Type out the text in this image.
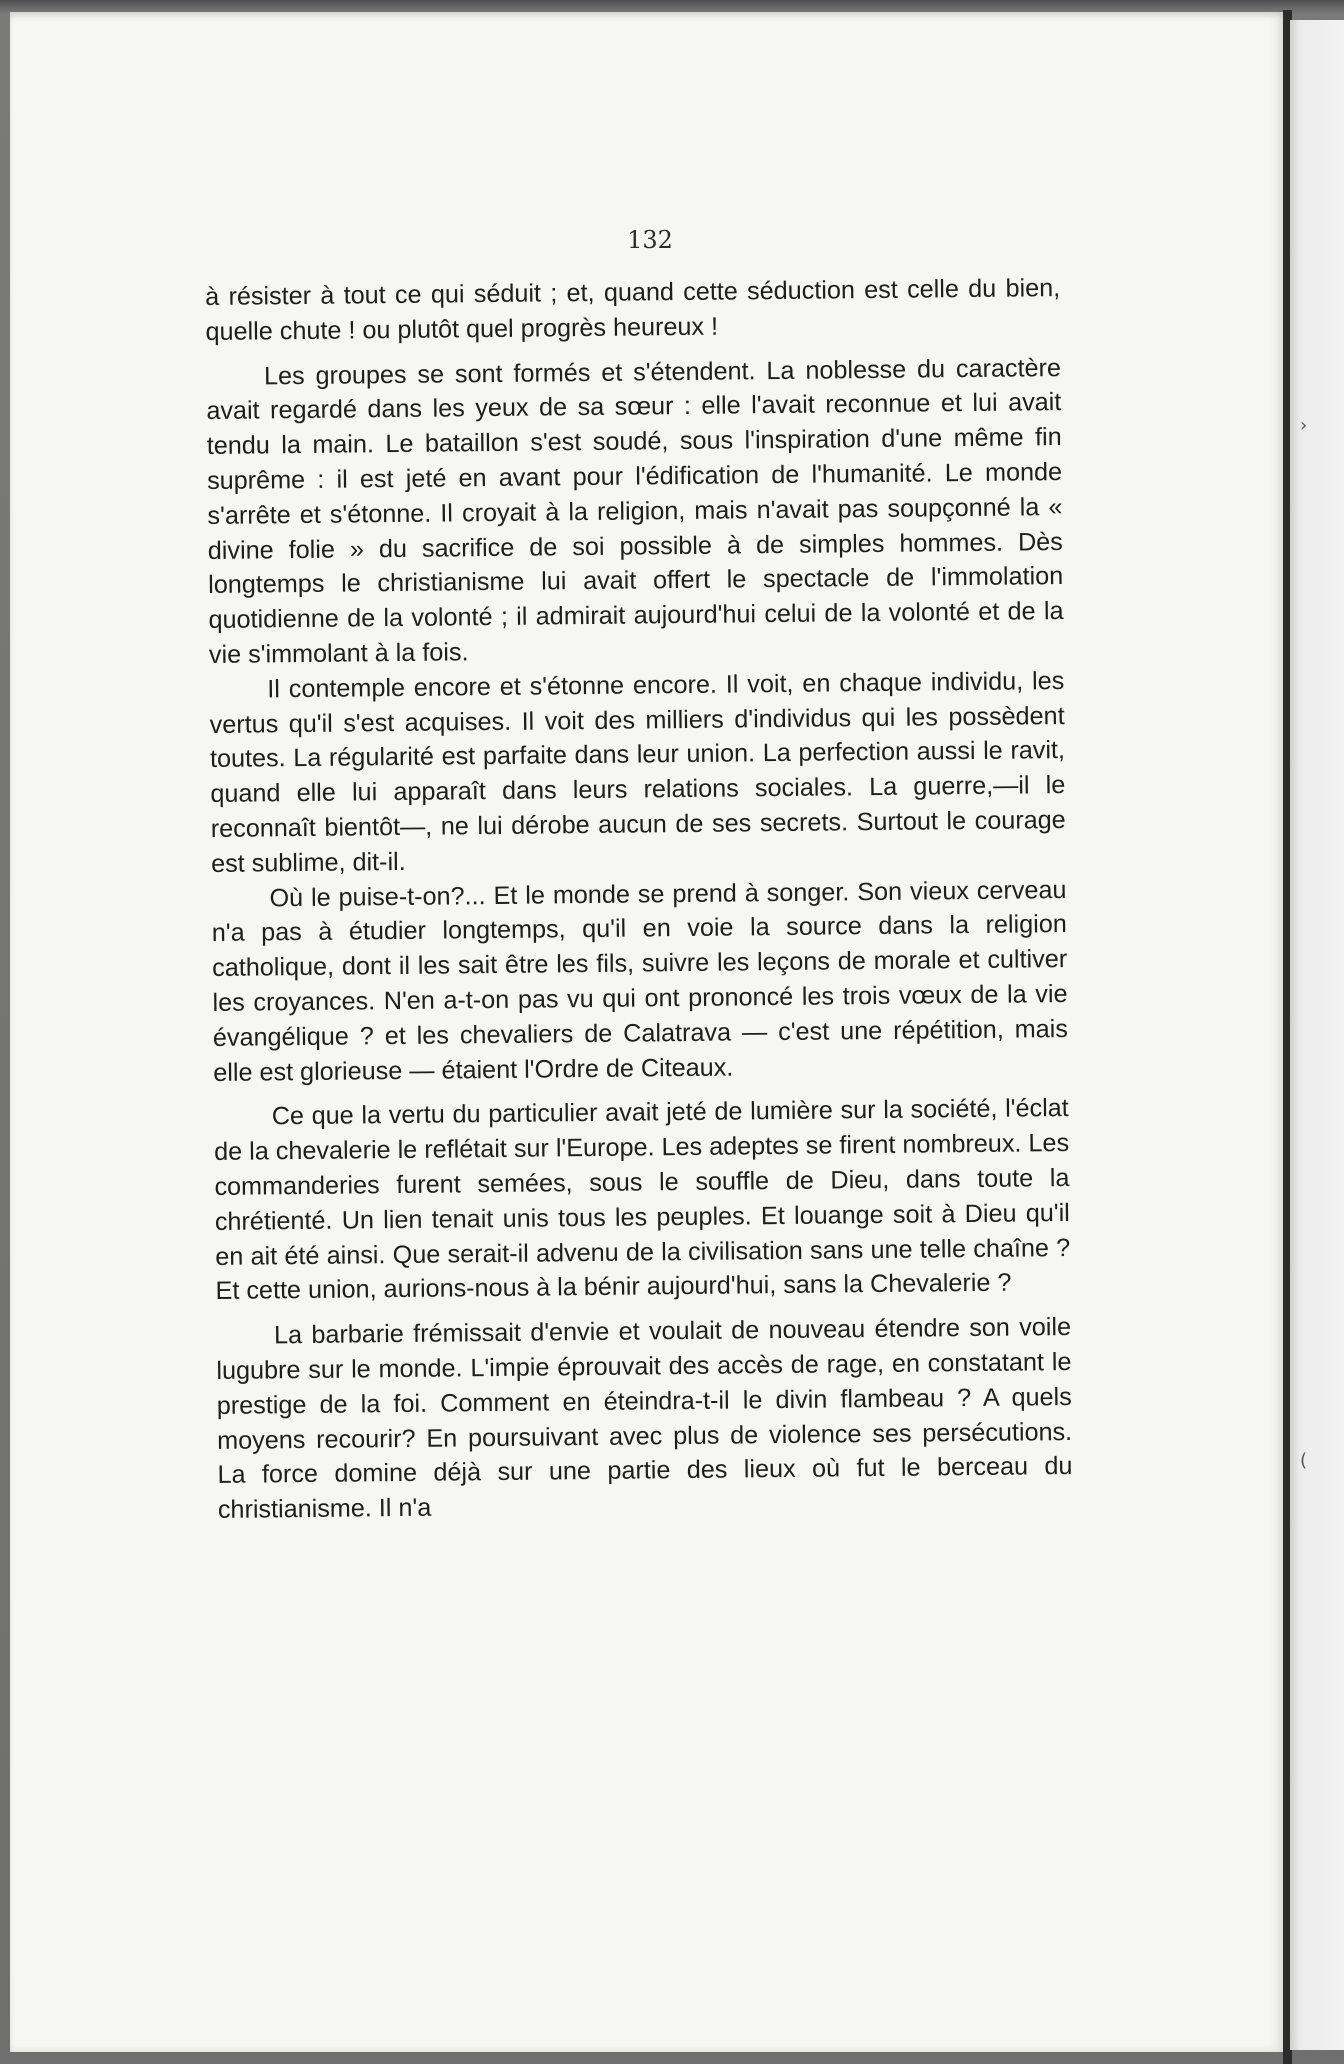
›
(
132

à résister à tout ce qui séduit ; et, quand cette séduction est celle du bien, quelle chute ! ou plutôt quel progrès heureux !

Les groupes se sont formés et s'étendent. La noblesse du caractère avait regardé dans les yeux de sa sœur : elle l'avait reconnue et lui avait tendu la main. Le bataillon s'est soudé, sous l'inspiration d'une même fin suprême : il est jeté en avant pour l'édification de l'humanité. Le monde s'arrête et s'étonne. Il croyait à la religion, mais n'avait pas soupçonné la « divine folie » du sacrifice de soi possible à de simples hommes. Dès longtemps le christianisme lui avait offert le spectacle de l'immolation quotidienne de la volonté ; il admirait aujourd'hui celui de la volonté et de la vie s'immolant à la fois.

Il contemple encore et s'étonne encore. Il voit, en chaque individu, les vertus qu'il s'est acquises. Il voit des milliers d'individus qui les possèdent toutes. La régularité est parfaite dans leur union. La perfection aussi le ravit, quand elle lui apparaît dans leurs relations sociales. La guerre,—il le reconnaît bientôt—, ne lui dérobe aucun de ses secrets. Surtout le courage est sublime, dit-il.

Où le puise-t-on?... Et le monde se prend à songer. Son vieux cerveau n'a pas à étudier longtemps, qu'il en voie la source dans la religion catholique, dont il les sait être les fils, suivre les leçons de morale et cultiver les croyances. N'en a-t-on pas vu qui ont prononcé les trois vœux de la vie évangélique ? et les chevaliers de Calatrava — c'est une répétition, mais elle est glorieuse — étaient l'Ordre de Citeaux.

Ce que la vertu du particulier avait jeté de lumière sur la société, l'éclat de la chevalerie le reflétait sur l'Europe. Les adeptes se firent nombreux. Les commanderies furent semées, sous le souffle de Dieu, dans toute la chrétienté. Un lien tenait unis tous les peuples. Et louange soit à Dieu qu'il en ait été ainsi. Que serait-il advenu de la civilisation sans une telle chaîne ? Et cette union, aurions-nous à la bénir aujourd'hui, sans la Chevalerie ?

La barbarie frémissait d'envie et voulait de nouveau étendre son voile lugubre sur le monde. L'impie éprouvait des accès de rage, en constatant le prestige de la foi. Comment en éteindra-t-il le divin flambeau ? A quels moyens recourir? En poursuivant avec plus de violence ses persécutions. La force domine déjà sur une partie des lieux où fut le berceau du christianisme. Il n'a
